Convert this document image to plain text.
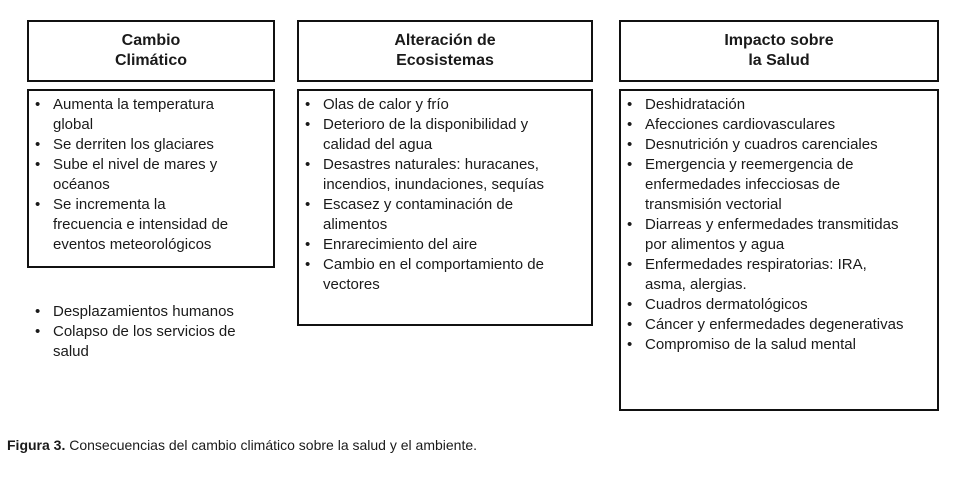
Cambio
Climático
• Aumenta la temperatura global
• Se derriten los glaciares
• Sube el nivel de mares y océanos
• Se incrementa la frecuencia e intensidad de eventos meteorológicos
• Desplazamientos humanos
• Colapso de los servicios de salud
Alteración de
Ecosistemas
• Olas de calor y frío
• Deterioro de la disponibilidad y calidad del agua
• Desastres naturales: huracanes, incendios, inundaciones, sequías
• Escasez y contaminación de alimentos
• Enrarecimiento del aire
• Cambio en el comportamiento de vectores
Impacto sobre
la Salud
• Deshidratación
• Afecciones cardiovasculares
• Desnutrición y cuadros carenciales
• Emergencia y reemergencia de enfermedades infecciosas de transmisión vectorial
• Diarreas y enfermedades transmitidas por alimentos y agua
• Enfermedades respiratorias: IRA, asma, alergias.
• Cuadros dermatológicos
• Cáncer y enfermedades degenerativas
• Compromiso de la salud mental
Figura 3. Consecuencias del cambio climático sobre la salud y el ambiente.
